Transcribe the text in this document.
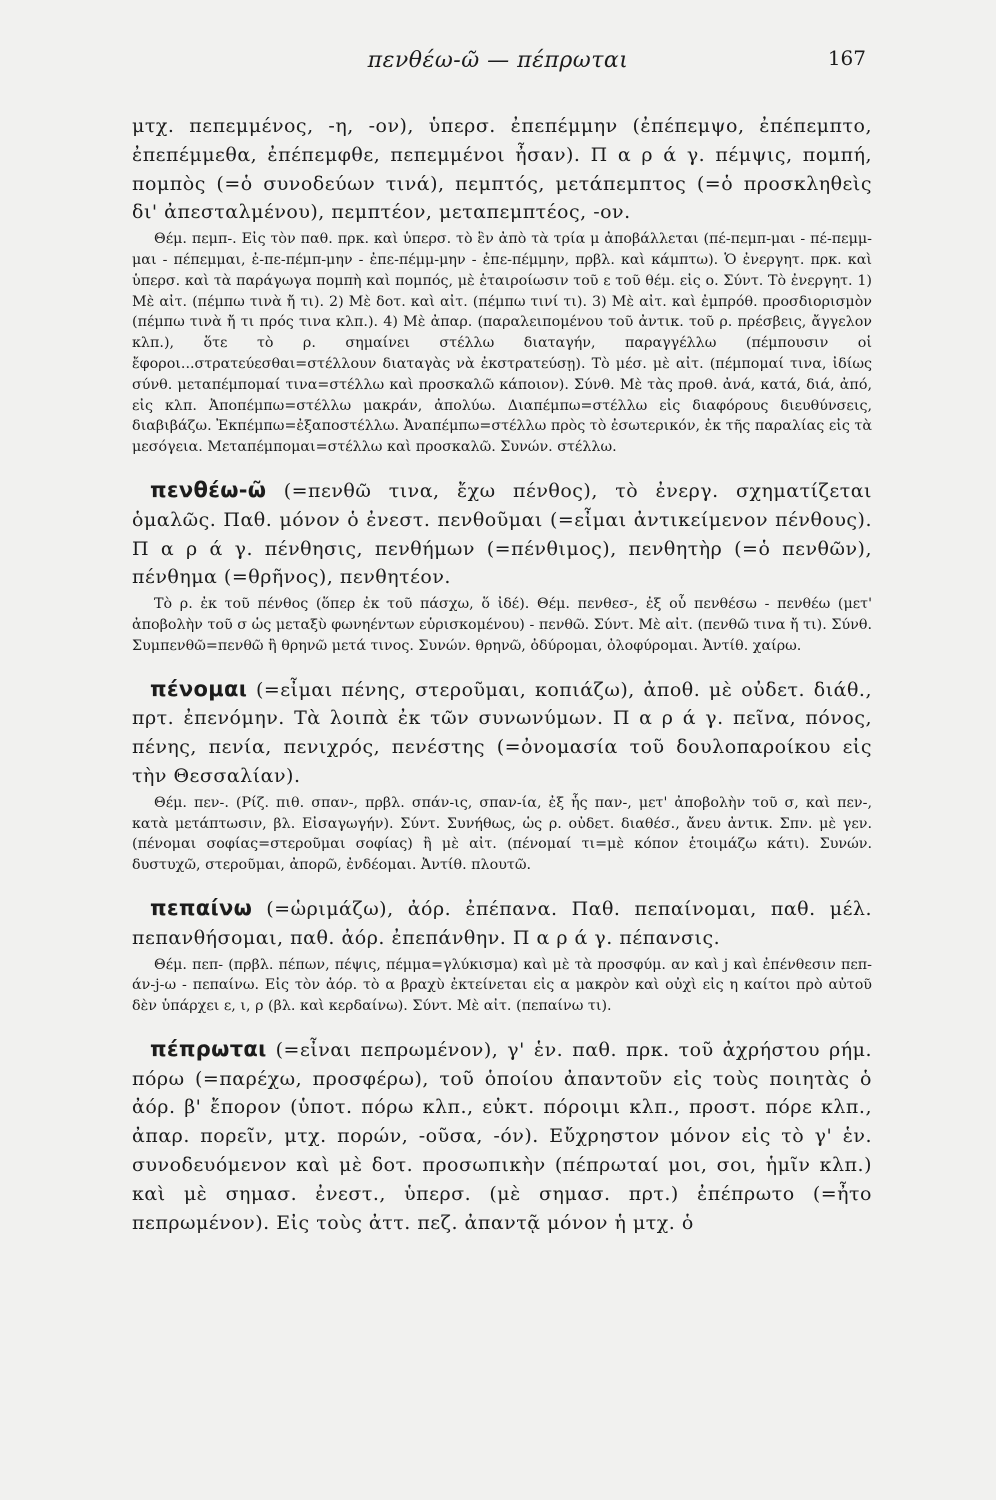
πενθέω-ῶ — πέπρωται	167

μτχ. πεπεμμένος, -η, -ον), ὑπερσ. ἐπεπέμμην (ἐπέπεμψο, ἐπέπεμπτο, ἐπεπέμμεθα, ἐπέπεμφθε, πεπεμμένοι ἦσαν). Π α ρ ά γ. πέμψις, πομπή, πομπὸς (=ὁ συνοδεύων τινά), πεμπτός, μετάπεμπτος (=ὁ προσκληθεὶς δι' ἀπεσταλμένου), πεμπτέον, μεταπεμπτέος, -ον.

Θέμ. πεμπ-. Εἰς τὸν παθ. πρκ. καὶ ὑπερσ. τὸ ἓν ἀπὸ τὰ τρία μ ἀποβάλλεται (πέ-πεμπ-μαι - πέ-πεμμ-μαι - πέπεμμαι, ἐ-πε-πέμπ-μην - ἐπε-πέμμ-μην - ἐπε-πέμμην, πρβλ. καὶ κάμπτω). Ὁ ἐνεργητ. πρκ. καὶ ὑπερσ. καὶ τὰ παράγωγα πομπὴ καὶ πομπός, μὲ ἑταιροίωσιν τοῦ ε τοῦ θέμ. εἰς ο. Σύντ. Τὸ ἐνεργητ. 1) Μὲ αἰτ. (πέμπω τινὰ ἤ τι). 2) Μὲ δοτ. καὶ αἰτ. (πέμπω τινί τι). 3) Μὲ αἰτ. καὶ ἐμπρόθ. προσδιορισμὸν (πέμπω τινὰ ἤ τι πρός τινα κλπ.). 4) Μὲ ἀπαρ. (παραλειπομένου τοῦ ἀντικ. τοῦ ρ. πρέσβεις, ἄγγελον κλπ.), ὅτε τὸ ρ. σημαίνει στέλλω διαταγήν, παραγγέλλω (πέμπουσιν οἱ ἔφοροι...στρατεύεσθαι=στέλλουν διαταγὰς νὰ ἐκστρατεύσῃ). Τὸ μέσ. μὲ αἰτ. (πέμπομαί τινα, ἰδίως σύνθ. μεταπέμπομαί τινα=στέλλω καὶ προσκαλῶ κάποιον). Σύνθ. Μὲ τὰς προθ. ἀνά, κατά, διά, ἀπό, εἰς κλπ. Ἀποπέμπω=στέλλω μακράν, ἀπολύω. Διαπέμπω=στέλλω εἰς διαφόρους διευθύνσεις, διαβιβάζω. Ἐκπέμπω=ἐξαποστέλλω. Ἀναπέμπω=στέλλω πρὸς τὸ ἐσωτερικόν, ἐκ τῆς παραλίας εἰς τὰ μεσόγεια. Μεταπέμπομαι=στέλλω καὶ προσκαλῶ. Συνών. στέλλω.

πενθέω-ῶ (=πενθῶ τινα, ἔχω πένθος), τὸ ἐνεργ. σχηματίζεται ὁμαλῶς. Παθ. μόνον ὁ ἐνεστ. πενθοῦμαι (=εἶμαι ἀντικείμενον πένθους). Π α ρ ά γ. πένθησις, πενθήμων (=πένθιμος), πενθητὴρ (=ὁ πενθῶν), πένθημα (=θρῆνος), πενθητέον.

Τὸ ρ. ἐκ τοῦ πένθος (ὅπερ ἐκ τοῦ πάσχω, ὅ ἰδέ). Θέμ. πενθεσ-, ἐξ οὗ πενθέσω - πενθέω (μετ' ἀποβολὴν τοῦ σ ὡς μεταξὺ φωνηέντων εὑρισκομένου) - πενθῶ. Σύντ. Μὲ αἰτ. (πενθῶ τινα ἤ τι). Σύνθ. Συμπενθῶ=πενθῶ ἢ θρηνῶ μετά τινος. Συνών. θρηνῶ, ὀδύρομαι, ὀλοφύρομαι. Ἀντίθ. χαίρω.

πένομαι (=εἶμαι πένης, στεροῦμαι, κοπιάζω), ἀποθ. μὲ οὐδετ. διάθ., πρτ. ἐπενόμην. Τὰ λοιπὰ ἐκ τῶν συνωνύμων. Π α ρ ά γ. πεῖνα, πόνος, πένης, πενία, πενιχρός, πενέστης (=ὀνομασία τοῦ δουλοπαροίκου εἰς τὴν Θεσσαλίαν).

Θέμ. πεν-. (Ρίζ. πιθ. σπαν-, πρβλ. σπάν-ις, σπαν-ία, ἐξ ἧς παν-, μετ' ἀποβολὴν τοῦ σ, καὶ πεν-, κατὰ μετάπτωσιν, βλ. Εἰσαγωγήν). Σύντ. Συνήθως, ὡς ρ. οὐδετ. διαθέσ., ἄνευ ἀντικ. Σπν. μὲ γεν. (πένομαι σοφίας=στεροῦμαι σοφίας) ἢ μὲ αἰτ. (πένομαί τι=μὲ κόπον ἑτοιμάζω κάτι). Συνών. δυστυχῶ, στεροῦμαι, ἀπορῶ, ἐνδέομαι. Ἀντίθ. πλουτῶ.

πεπαίνω (=ὡριμάζω), ἀόρ. ἐπέπανα. Παθ. πεπαίνομαι, παθ. μέλ. πεπανθήσομαι, παθ. ἀόρ. ἐπεπάνθην. Π α ρ ά γ. πέπανσις.

Θέμ. πεπ- (πρβλ. πέπων, πέψις, πέμμα=γλύκισμα) καὶ μὲ τὰ προσφύμ. αν καὶ j καὶ ἐπένθεσιν πεπ-άν-j-ω - πεπαίνω. Εἰς τὸν ἀόρ. τὸ α βραχὺ ἐκτείνεται εἰς α μακρὸν καὶ οὐχὶ εἰς η καίτοι πρὸ αὐτοῦ δὲν ὑπάρχει ε, ι, ρ (βλ. καὶ κερδαίνω). Σύντ. Μὲ αἰτ. (πεπαίνω τι).

πέπρωται (=εἶναι πεπρωμένον), γ' ἑν. παθ. πρκ. τοῦ ἀχρήστου ρήμ. πόρω (=παρέχω, προσφέρω), τοῦ ὁποίου ἀπαντοῦν εἰς τοὺς ποιητὰς ὁ ἀόρ. β' ἔπορον (ὑποτ. πόρω κλπ., εὐκτ. πόροιμι κλπ., προστ. πόρε κλπ., ἀπαρ. πορεῖν, μτχ. πορών, -οῦσα, -όν). Εὔχρηστον μόνον εἰς τὸ γ' ἑν. συνοδευόμενον καὶ μὲ δοτ. προσωπικὴν (πέπρωταί μοι, σοι, ἡμῖν κλπ.) καὶ μὲ σημασ. ἐνεστ., ὑπερσ. (μὲ σημασ. πρτ.) ἐπέπρωτο (=ἦτο πεπρωμένον). Εἰς τοὺς ἀττ. πεζ. ἀπαντᾷ μόνον ἡ μτχ. ὁ
